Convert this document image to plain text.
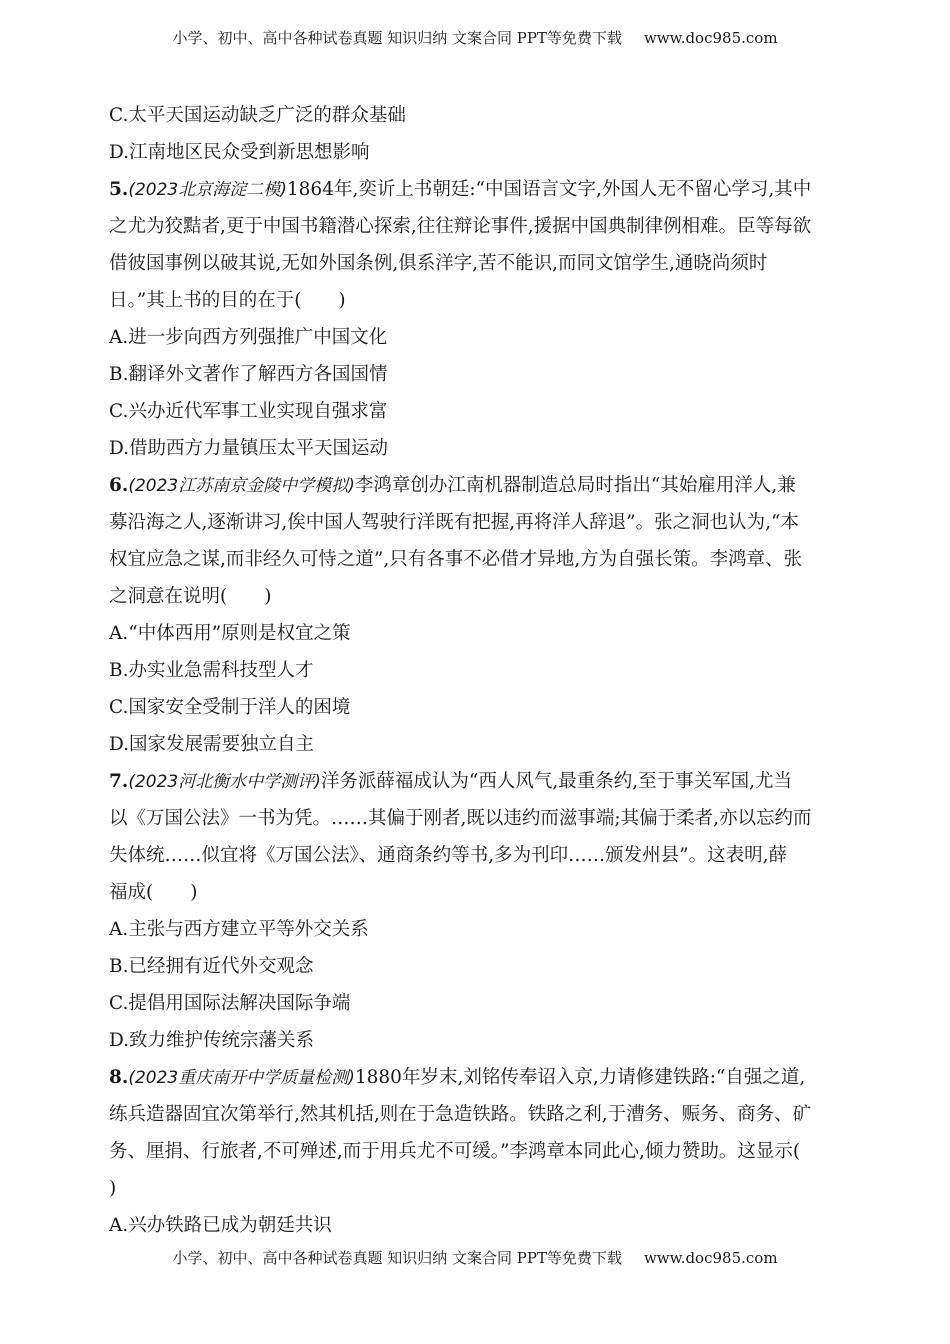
小学、初中、高中各种试卷真题 知识归纳 文案合同 PPT等免费下载 www.doc985.com
C.太平天国运动缺乏广泛的群众基础
D.江南地区民众受到新思想影响
5.(2023北京海淀二模)1864年,奕䜣上书朝廷:“中国语言文字,外国人无不留心学习,其中
之尤为狡黠者,更于中国书籍潜心探索,往往辩论事件,援据中国典制律例相难。臣等每欲
借彼国事例以破其说,无如外国条例,俱系洋字,苦不能识,而同文馆学生,通晓尚须时
日。”其上书的目的在于(　　)
A.进一步向西方列强推广中国文化
B.翻译外文著作了解西方各国国情
C.兴办近代军事工业实现自强求富
D.借助西方力量镇压太平天国运动
6.(2023江苏南京金陵中学模拟)李鸿章创办江南机器制造总局时指出“其始雇用洋人,兼
募沿海之人,逐渐讲习,俟中国人驾驶行洋既有把握,再将洋人辞退”。张之洞也认为,“本
权宜应急之谋,而非经久可恃之道”,只有各事不必借才异地,方为自强长策。李鸿章、张
之洞意在说明(　　)
A.“中体西用”原则是权宜之策
B.办实业急需科技型人才
C.国家安全受制于洋人的困境
D.国家发展需要独立自主
7.(2023河北衡水中学测评)洋务派薛福成认为“西人风气,最重条约,至于事关军国,尤当
以《万国公法》一书为凭。……其偏于刚者,既以违约而滋事端;其偏于柔者,亦以忘约而
失体统……似宜将《万国公法》、通商条约等书,多为刊印……颁发州县”。这表明,薛
福成(　　)
A.主张与西方建立平等外交关系
B.已经拥有近代外交观念
C.提倡用国际法解决国际争端
D.致力维护传统宗藩关系
8.(2023重庆南开中学质量检测)1880年岁末,刘铭传奉诏入京,力请修建铁路:“自强之道,
练兵造器固宜次第举行,然其机括,则在于急造铁路。铁路之利,于漕务、赈务、商务、矿
务、厘捐、行旅者,不可殚述,而于用兵尤不可缓。”李鸿章本同此心,倾力赞助。这显示(
)
A.兴办铁路已成为朝廷共识
小学、初中、高中各种试卷真题 知识归纳 文案合同 PPT等免费下载 www.doc985.com
